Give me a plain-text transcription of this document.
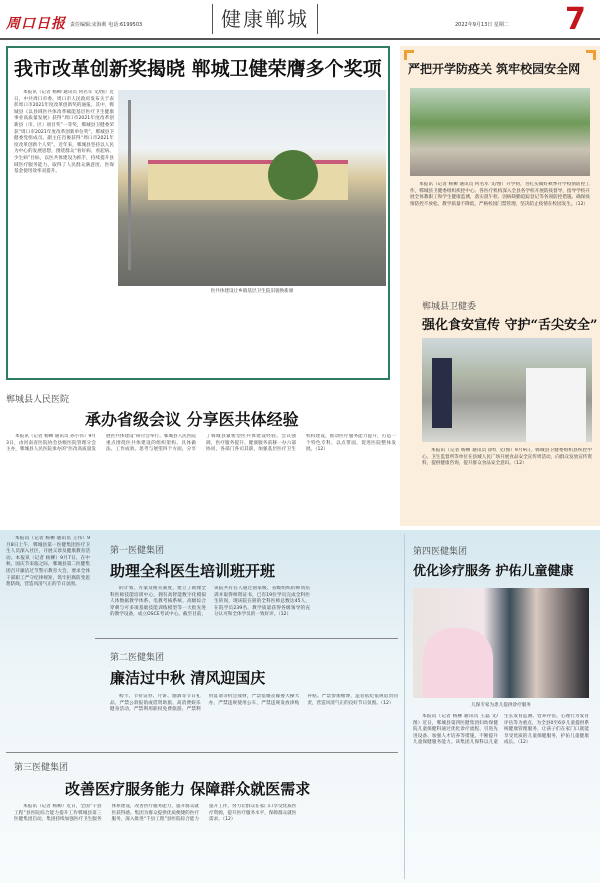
周口日报 责任编辑:宋海莉 电话:6199503	健康郸城	2022年9月13日 星期二 7
我市改革创新奖揭晓 郸城卫健荣膺多个奖项
本报讯（记者 杨柳 通讯员 何名军 文/图）近日，中共周口市委、周口市人民政府发布关于表彰周口市2021年度改革创新奖的通报。其中，郸城县《以县域医共体改革赋能基层医疗卫生健康事业高质量发展》获得“周口市2021年度改革创新县（市、区）项目奖”一等奖，郸城县卫健委荣获“周口市2021年度改革创新单位奖”，郸城县卫健委党组成员、副主任肖俊获得“周口市2021年度改革创新个人奖”。近年来，郸城县坚持以人民为中心的发展思想，围绕群众“看好病、看起病、少生病”目标，以医共体建设为抓手，持续提升县域医疗服务能力，取得了人民群众满意度、医保基金使用效率双提升。
医共体建设让乡镇基层卫生院旧貌换新颜
严把开学防疫关 筑牢校园安全网
本报讯（记者 杨柳 通讯员 何名军 文/图）开学初，为扎实做好秋季开学疫情防控工作，郸城县卫健委组织疾控中心、各医疗机构深入全县各学校开展防疫督导，指导学校开展全体教职工和学生健康监测，落实晨午检、因病缺勤追踪登记等各项防控措施。确保疫情防控不放松、教学质量不降低，严格校园门禁管理，坚决防止疫情在校园发生。（12）
郸城县卫健委
强化食安宣传 守护“舌尖安全”
本报讯（记者 杨柳 通讯员 徐红 文/图）9月9日，郸城县卫健委组织县疾控中心、卫生监督所等单位在县城人民广场开展食品安全宣传周活动，向群众发放宣传资料，提供健康咨询，提升群众食品安全意识。（12）
郸城县人民医院
承办省级会议 分享医共体经验
本报讯（记者 杨柳 通讯员 孙小伟）9月3日，由河南省医院协会县级医院管理分会主办，郸城县人民医院承办的“医改高质量发展医共体建设”研讨会举行。郸城县人民医院重点围绕医共体建设的组织架构、具体做法、工作成效、思考与展望四个方面，分享了郸城县紧密型医共体建设经验。会议强调，医疗服务提升、健康服务前移一办六部协同，各部门各司其职，加强基层医疗卫生机构建设，推动医疗服务能力提升，打造一个特色专科，以点带面，促进医院整体发展。（12）
本报讯（记者 杨柳 通讯员 王伟）9月8日上午，郸城县第一医健集团医疗卫生人员深入社区，开展义诊及健康教育活动。本报讯（记者 杨柳）9月7日，在中秋、国庆节来临之际，郸城县第二医健集团召开廉洁过节警示教育大会，要求全体干部职工严守纪律规矩，筑牢拒腐防变思想防线，营造风清气正的节日氛围。
第一医健集团
助理全科医生培训班开班
的计划、方案及相关制度，建立了助理全科医师技能培训中心，拥有高智能数字化模拟人体数据教学体系、电教考核系统、高级综合穿刺与可多项基础技能训练模型等一大批先进的教学设备，成立OSCE考试中心。截至目前，该院共有任人通过国家级、省级组织的师资培训并取得师资证书，已有19位学员完成全科医生转岗，现该院在册的全科医师总数达45人，在院学员239名，教学质量获得各级领导的充分认可和全体学员的一致好评。（12）
第二医健集团
廉洁过中秋 清风迎国庆
购卡、节价证券、月饼、烟酒等节日礼品，严禁公款报销或借资助旅、高消费娱乐健身活动，严禁利用职权免费旅游、严禁利用宴请等机会敛财，严禁借婚丧嫁娶大操大办，严禁违规使用公车，严禁违规发放津贴补贴。严禁参加赌博，违者依纪依规追责问责，营造风清气正的良好节日氛围。（12）
第三医健集团
改善医疗服务能力 保障群众就医需求
本报讯（记者 杨柳）近日，全国“千县工程”县医院综合能力提升工作郸城县第三医健集团启动，集团持续加强医疗卫生服务体系建设，改善医疗服务能力，提升群众就医获得感。集团为群众提供优质便捷的医疗服务，深入推进“千县工程”县医院综合能力提升工作，努力让群众在家门口享受优质医疗资源，提升医疗服务水平，保障群众就医需求。（12）
第四医健集团
优化诊疗服务 护佑儿童健康
儿保专家为患儿提供诊疗服务
本报讯（记者 杨柳 通讯员 王磊 文/图）近日，郸城县第四医健集团妇幼保健院儿童保健科通过优化诊疗流程、引进先进设备、加强人才培养等措施，不断提升儿童保健服务能力。该集团儿保科以儿童生长发育监测、营养评估、心理行为发育评估等为重点，为全县0至6岁儿童提供系统健康管理服务，让孩子们在家门口就能享受优质的儿童保健服务，护佑儿童健康成长。（12）
